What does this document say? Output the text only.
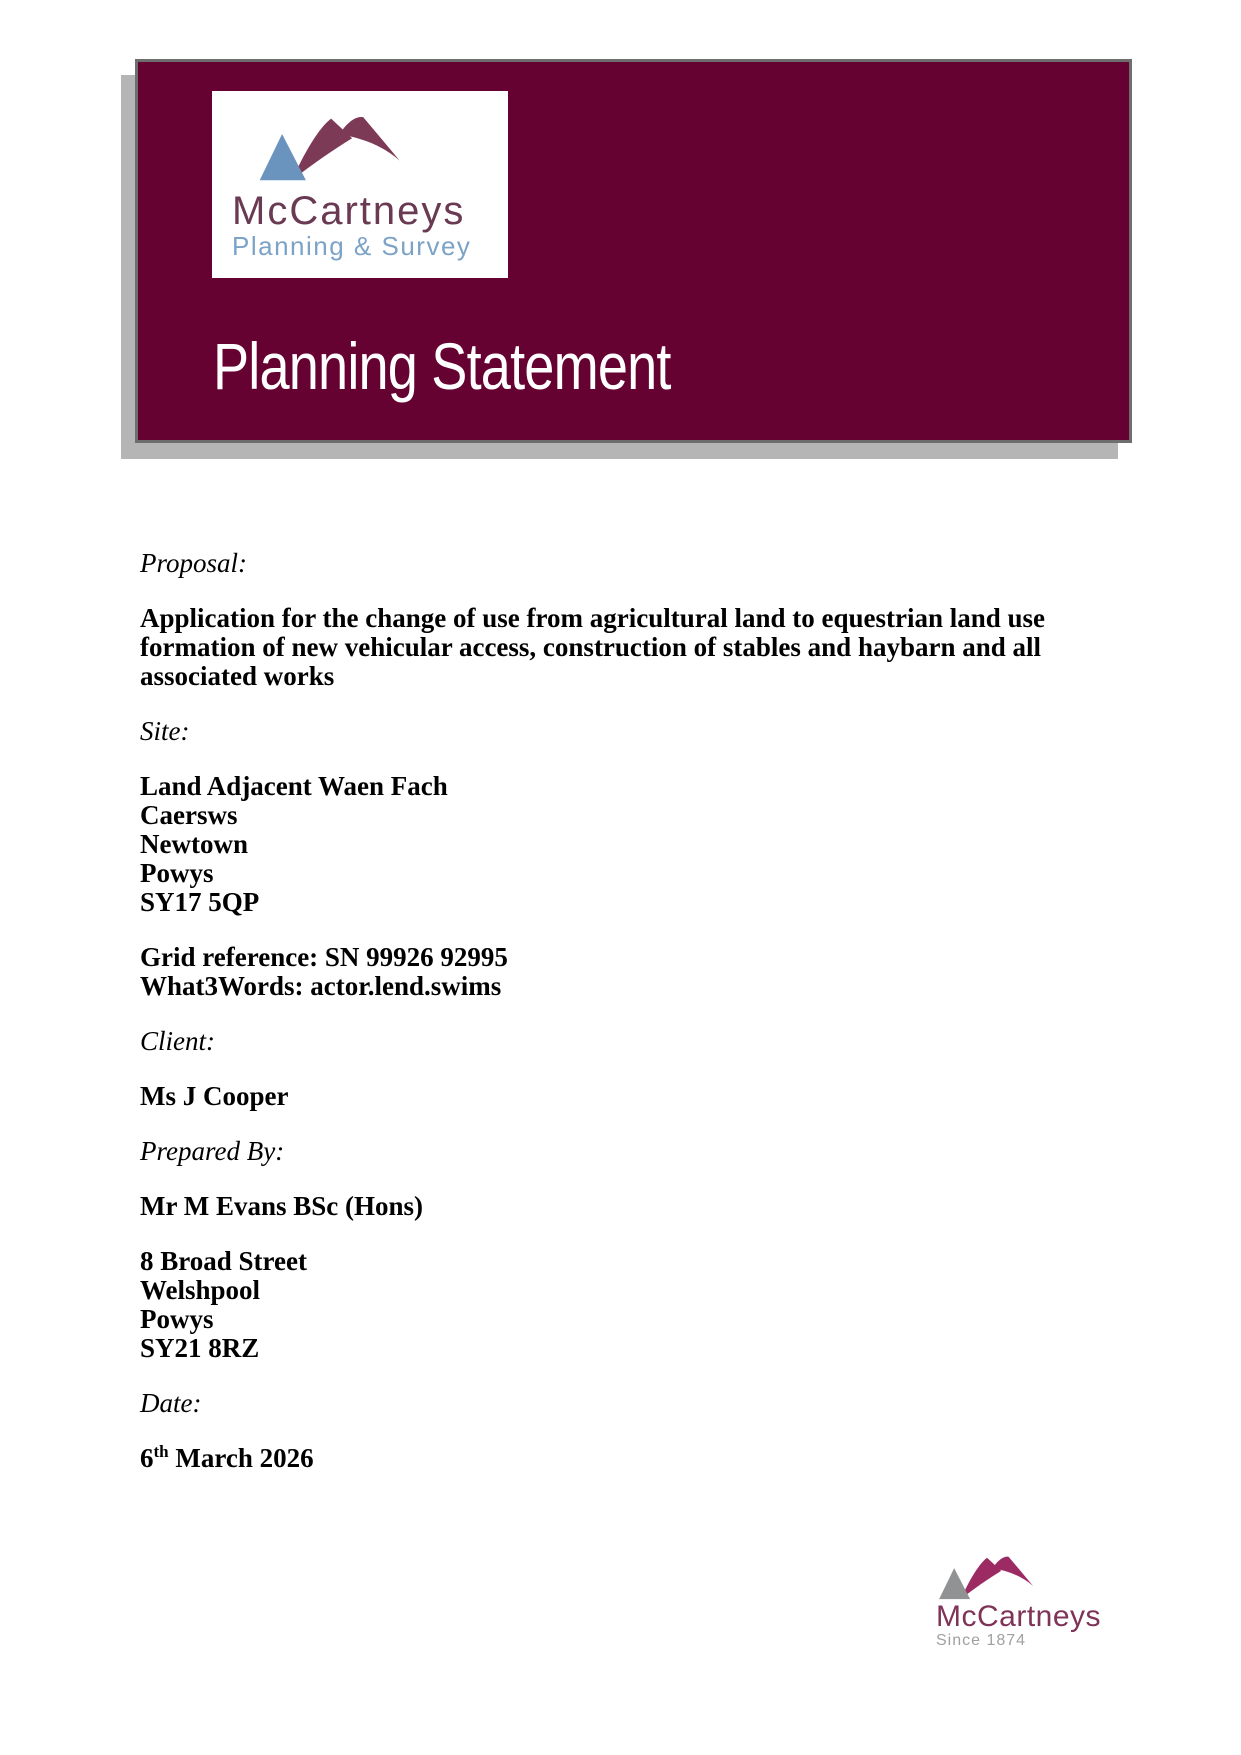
McCartneys
Planning & Survey
Planning Statement

Proposal:

Application for the change of use from agricultural land to equestrian land use
formation of new vehicular access, construction of stables and haybarn and all
associated works

Site:

Land Adjacent Waen Fach
Caersws
Newtown
Powys
SY17 5QP

Grid reference: SN 99926 92995
What3Words: actor.lend.swims

Client:

Ms J Cooper

Prepared By:

Mr M Evans BSc (Hons)

8 Broad Street
Welshpool
Powys
SY21 8RZ

Date:

6th March 2026

McCartneys
Since 1874
